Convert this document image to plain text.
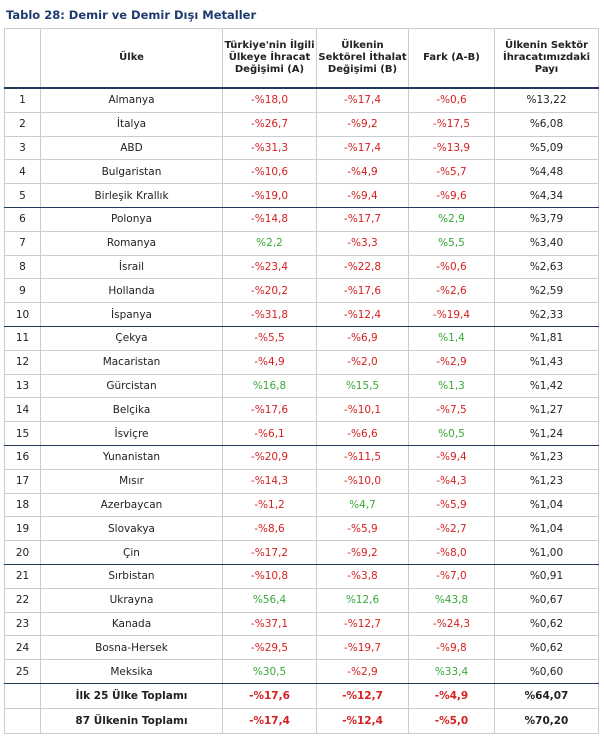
Tablo 28: Demir ve Demir Dışı Metaller
	Ülke	Türkiye'nin İlgili Ülkeye İhracat Değişimi (A)	Ülkenin Sektörel İthalat Değişimi (B)	Fark (A-B)	Ülkenin Sektör İhracatımızdaki Payı
1	Almanya	-%18,0	-%17,4	-%0,6	%13,22
2	İtalya	-%26,7	-%9,2	-%17,5	%6,08
3	ABD	-%31,3	-%17,4	-%13,9	%5,09
4	Bulgaristan	-%10,6	-%4,9	-%5,7	%4,48
5	Birleşik Krallık	-%19,0	-%9,4	-%9,6	%4,34
6	Polonya	-%14,8	-%17,7	%2,9	%3,79
7	Romanya	%2,2	-%3,3	%5,5	%3,40
8	İsrail	-%23,4	-%22,8	-%0,6	%2,63
9	Hollanda	-%20,2	-%17,6	-%2,6	%2,59
10	İspanya	-%31,8	-%12,4	-%19,4	%2,33
11	Çekya	-%5,5	-%6,9	%1,4	%1,81
12	Macaristan	-%4,9	-%2,0	-%2,9	%1,43
13	Gürcistan	%16,8	%15,5	%1,3	%1,42
14	Belçika	-%17,6	-%10,1	-%7,5	%1,27
15	İsviçre	-%6,1	-%6,6	%0,5	%1,24
16	Yunanistan	-%20,9	-%11,5	-%9,4	%1,23
17	Mısır	-%14,3	-%10,0	-%4,3	%1,23
18	Azerbaycan	-%1,2	%4,7	-%5,9	%1,04
19	Slovakya	-%8,6	-%5,9	-%2,7	%1,04
20	Çin	-%17,2	-%9,2	-%8,0	%1,00
21	Sırbistan	-%10,8	-%3,8	-%7,0	%0,91
22	Ukrayna	%56,4	%12,6	%43,8	%0,67
23	Kanada	-%37,1	-%12,7	-%24,3	%0,62
24	Bosna-Hersek	-%29,5	-%19,7	-%9,8	%0,62
25	Meksika	%30,5	-%2,9	%33,4	%0,60
	İlk 25 Ülke Toplamı	-%17,6	-%12,7	-%4,9	%64,07
	87 Ülkenin Toplamı	-%17,4	-%12,4	-%5,0	%70,20
